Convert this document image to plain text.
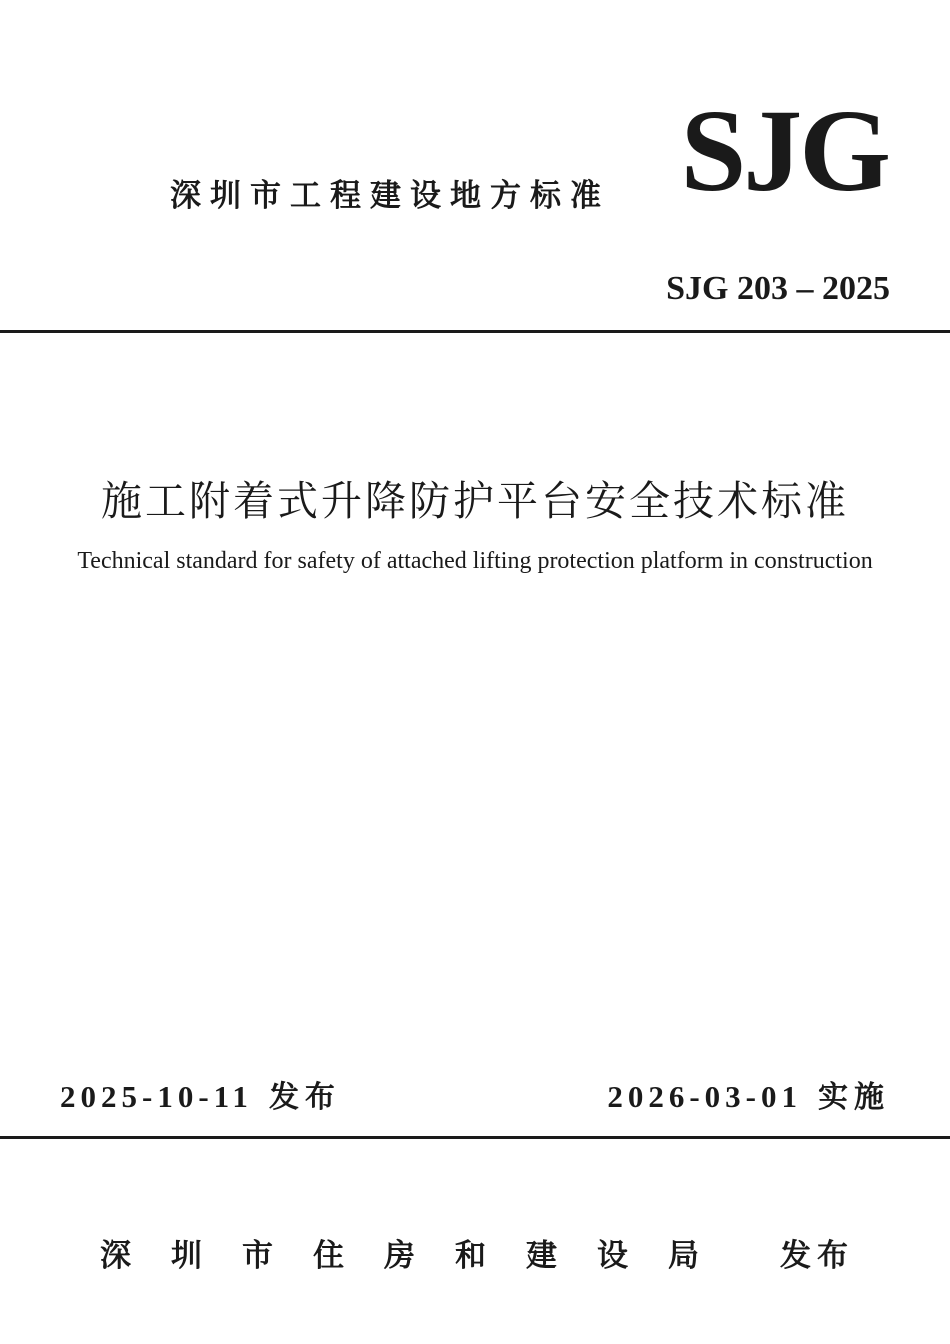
深圳市工程建设地方标准 SJG
SJG 203 – 2025
施工附着式升降防护平台安全技术标准
Technical standard for safety of attached lifting protection platform in construction
2025-10-11 发布	2026-03-01 实施
深圳市住房和建设局 发布
